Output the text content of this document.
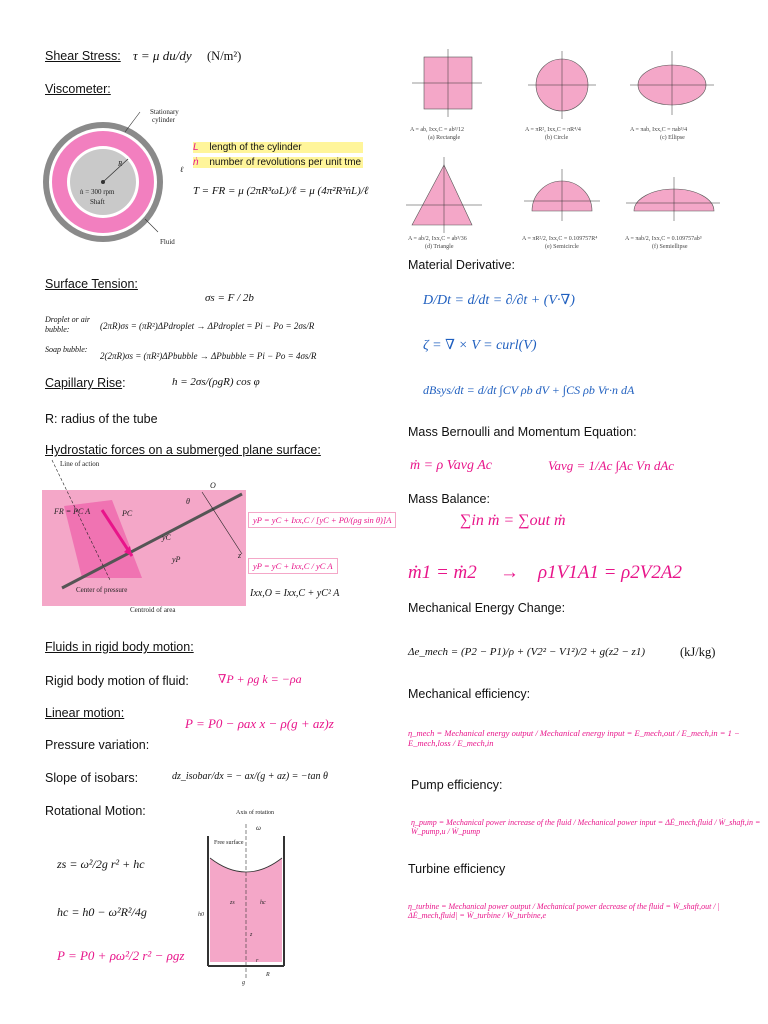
Shear Stress: τ = μ du/dy (N/m²)
Viscometer:
Stationary
cylinder
Shaft
ṅ = 300 rpm
Fluid
R
ℓ
L length of the cylinder
ṅ number of revolutions per unit tme
T = FR = μ (2πR³ωL)/ℓ = μ (4π²R³ṅL)/ℓ
Surface Tension:
σs = F / 2b
Droplet or air bubble:	(2πR)σs = (πR²)ΔPdroplet → ΔPdroplet = Pi − Po = 2σs/R
Soap bubble:
2(2πR)σs = (πR²)ΔPbubble → ΔPbubble = Pi − Po = 4σs/R
Capillary Rise:	h = 2σs/(ρgR) cos φ
R: radius of the tube
Hydrostatic forces on a submerged plane surface:
Line of action
FR = PC A	PC
θ
O
z
yC
yP
Center of pressure
Centroid of area
yP = yC + Ixx,C / [yC + P0/(ρg sin θ)]A
yP = yC + Ixx,C / yC A
Ixx,O = Ixx,C + yC² A
Fluids in rigid body motion:
Rigid body motion of fluid: ∇P + ρg k = −ρa
Linear motion:
P = P0 − ρax x − ρ(g + az)z
Pressure variation:
Slope of isobars:	dz_isobar/dx = − ax/(g + az) = −tan θ
Rotational Motion:
zs = ω²/2g r² + hc
hc = h0 − ω²R²/4g
P = P0 + ρω²/2 r² − ρgz
Axis of rotation
ω
Free surface
zs	hc
h0
z
r
R
g
A = ab, Ixx,C = ab³/12
(a) Rectangle
A = πR², Ixx,C = πR⁴/4
(b) Circle
A = πab, Ixx,C = πab³/4
(c) Ellipse
A = ab/2, Ixx,C = ab³/36
(d) Triangle
A = πR²/2, Ixx,C = 0.109757R⁴
(e) Semicircle
A = πab/2, Ixx,C = 0.109757ab³
(f) Semiellipse
Material Derivative:
D/Dt = d/dt = ∂/∂t + (V·∇)
ζ = ∇ × V = curl(V)
dBsys/dt = d/dt ∫CV ρb dV + ∫CS ρb Vr·n dA
Mass Bernoulli and Momentum Equation:
ṁ = ρ Vavg Ac	Vavg = 1/Ac ∫Ac Vn dAc
Mass Balance:
∑in ṁ = ∑out ṁ
ṁ1 = ṁ2 → ρ1V1A1 = ρ2V2A2
Mechanical Energy Change:
Δe_mech = (P2 − P1)/ρ + (V2² − V1²)/2 + g(z2 − z1)	(kJ/kg)
Mechanical efficiency:
η_mech = Mechanical energy output / Mechanical energy input = E_mech,out / E_mech,in = 1 − E_mech,loss / E_mech,in
Pump efficiency:
η_pump = Mechanical power increase of the fluid / Mechanical power input = ΔĖ_mech,fluid / Ẇ_shaft,in = Ẇ_pump,u / Ẇ_pump
Turbine efficiency
η_turbine = Mechanical power output / Mechanical power decrease of the fluid = Ẇ_shaft,out / |ΔĖ_mech,fluid| = Ẇ_turbine / Ẇ_turbine,e
